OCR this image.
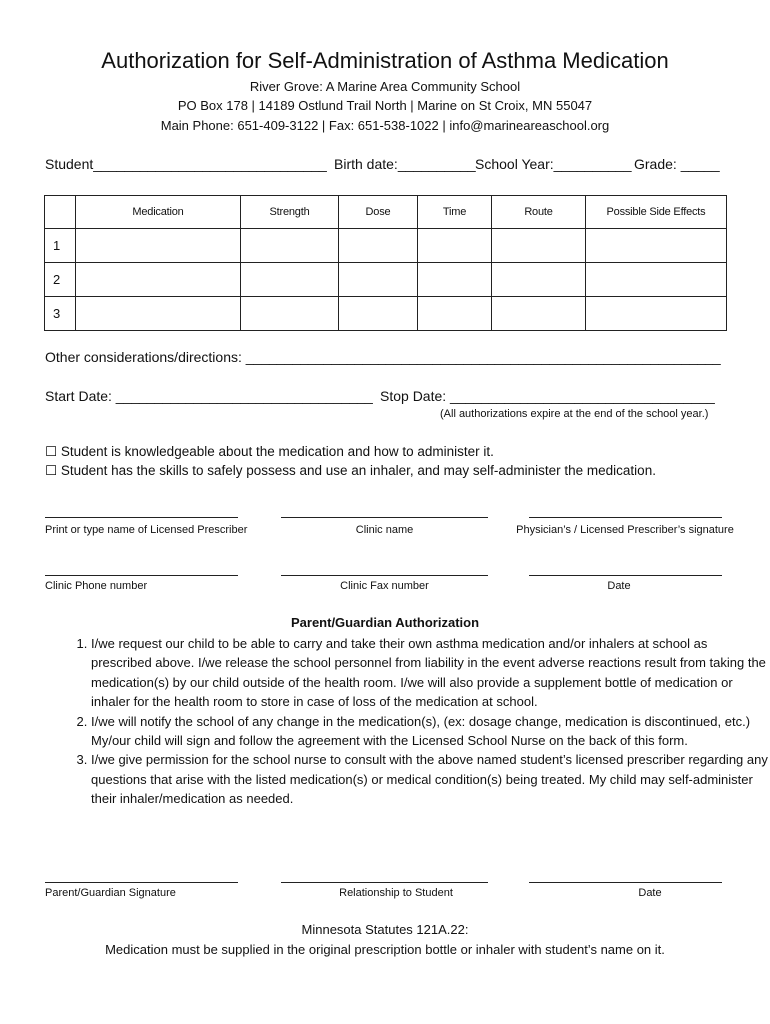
Authorization for Self-Administration of Asthma Medication
River Grove: A Marine Area Community School
PO Box 178 | 14189 Ostlund Trail North | Marine on St Croix, MN 55047
Main Phone: 651-409-3122 | Fax: 651-538-1022 | info@marineareaschool.org
Student______________________________ Birth date:__________ School Year:__________ Grade: _____
	Medication	Strength	Dose	Time	Route	Possible Side Effects
1						
2						
3						
Other considerations/directions: _____________________________________________________________
Start Date: _________________________________ Stop Date: __________________________________
(All authorizations expire at the end of the school year.)
☐ Student is knowledgeable about the medication and how to administer it.
☐ Student has the skills to safely possess and use an inhaler, and may self-administer the medication.
Print or type name of Licensed Prescriber	Clinic name	Physician’s / Licensed Prescriber’s signature
Clinic Phone number	Clinic Fax number	Date
Parent/Guardian Authorization
1. I/we request our child to be able to carry and take their own asthma medication and/or inhalers at school as prescribed above. I/we release the school personnel from liability in the event adverse reactions result from taking the medication(s) by our child outside of the health room. I/we will also provide a supplement bottle of medication or inhaler for the health room to store in case of loss of the medication at school.
2. I/we will notify the school of any change in the medication(s), (ex: dosage change, medication is discontinued, etc.) My/our child will sign and follow the agreement with the Licensed School Nurse on the back of this form.
3. I/we give permission for the school nurse to consult with the above named student’s licensed prescriber regarding any questions that arise with the listed medication(s) or medical condition(s) being treated. My child may self-administer their inhaler/medication as needed.
Parent/Guardian Signature	Relationship to Student	Date
Minnesota Statutes 121A.22:
Medication must be supplied in the original prescription bottle or inhaler with student’s name on it.
